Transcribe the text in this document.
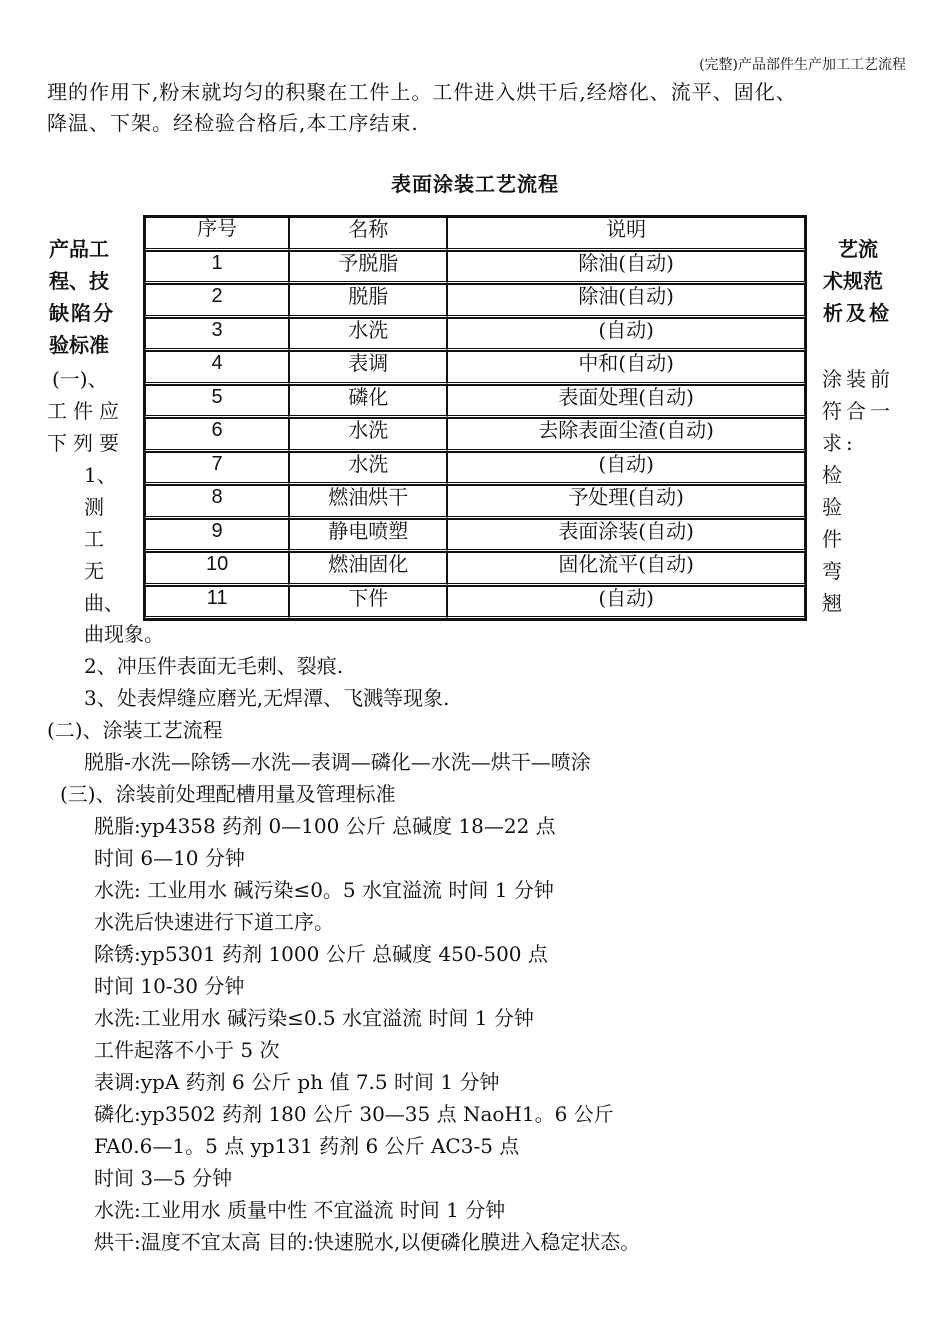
(完整)产品部件生产加工工艺流程
理的作用下,粉末就均匀的积聚在工件上。工件进入烘干后,经熔化、流平、固化、
降温、下架。经检验合格后,本工序结束.
表面涂装工艺流程
产品工
程、技
缺陷分
验标准
(一)、
工件应
下列要
1、
测
工
无
曲、
艺流
术规范
析及检
涂装前
符合一
求:
检
验
件
弯
翘
序号	名称	说明
1	予脱脂	除油(自动)
2	脱脂	除油(自动)
3	水洗	(自动)
4	表调	中和(自动)
5	磷化	表面处理(自动)
6	水洗	去除表面尘渣(自动)
7	水洗	(自动)
8	燃油烘干	予处理(自动)
9	静电喷塑	表面涂装(自动)
10	燃油固化	固化流平(自动)
11	下件	(自动)
曲现象。
2、冲压件表面无毛刺、裂痕.
3、处表焊缝应磨光,无焊潭、飞溅等现象.
(二)、涂装工艺流程
脱脂-水洗—除锈—水洗—表调—磷化—水洗—烘干—喷涂
(三)、涂装前处理配槽用量及管理标准
脱脂:yp4358 药剂 0—100 公斤 总碱度 18—22 点
时间 6—10 分钟
水洗: 工业用水 碱污染≤0。5 水宜溢流 时间 1 分钟
水洗后快速进行下道工序。
除锈:yp5301 药剂 1000 公斤 总碱度 450-500 点
时间 10-30 分钟
水洗:工业用水 碱污染≤0.5 水宜溢流 时间 1 分钟
工件起落不小于 5 次
表调:ypA 药剂 6 公斤 ph 值 7.5 时间 1 分钟
磷化:yp3502 药剂 180 公斤 30—35 点 NaoH1。6 公斤
FA0.6—1。5 点 yp131 药剂 6 公斤 AC3-5 点
时间 3—5 分钟
水洗:工业用水 质量中性 不宜溢流 时间 1 分钟
烘干:温度不宜太高 目的:快速脱水,以便磷化膜进入稳定状态。
